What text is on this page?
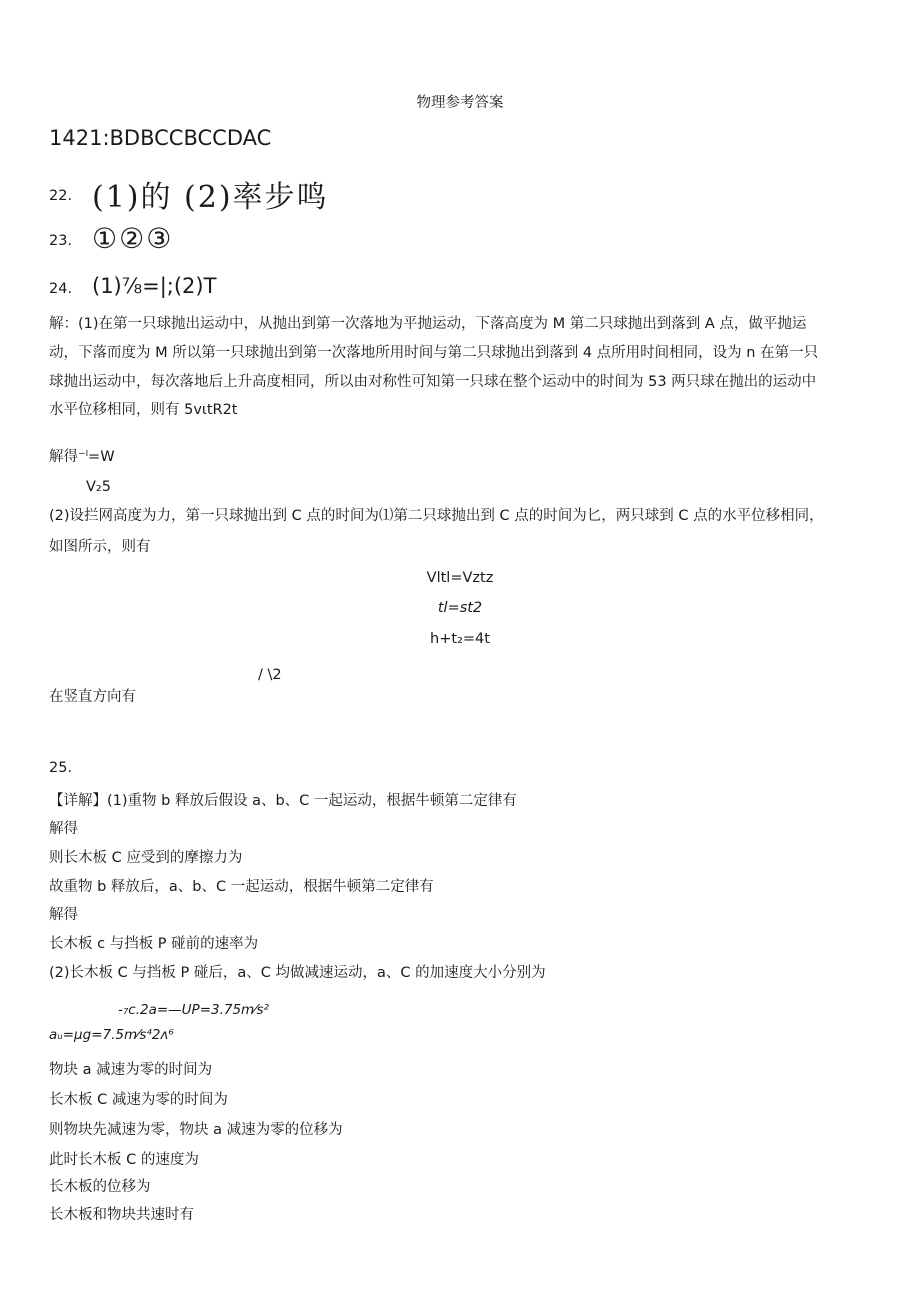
物理参考答案
1421:BDBCCBCCDAC
22. (1)的 (2)率步鸣
23. ①②③
24. (1)⅞=|;(2)T
解：(1)在第一只球抛出运动中，从抛出到第一次落地为平抛运动，下落高度为 M 第二只球抛出到落到 A 点，做平抛运
动，下落而度为 M 所以第一只球抛出到第一次落地所用时间与第二只球抛出到落到 4 点所用时间相同，设为 n 在第一只
球抛出运动中，每次落地后上升高度相同，所以由对称性可知第一只球在整个运动中的时间为 53 两只球在抛出的运动中
水平位移相同，则有 5vιtR2t
解得⁻ˡ=W
V₂5
(2)设拦网高度为力，第一只球抛出到 C 点的时间为⑴第二只球抛出到 C 点的时间为匕，两只球到 C 点的水平位移相同，
如图所示，则有
Vltl=Vztz
tl=st2
h+t₂=4t
/ \2
在竖直方向有
25.
【详解】(1)重物 b 释放后假设 a、b、C 一起运动，根据牛顿第二定律有
解得
则长木板 C 应受到的摩擦力为
故重物 b 释放后，a、b、C 一起运动，根据牛顿第二定律有
解得
长木板 c 与挡板 P 碰前的速率为
(2)长木板 C 与挡板 P 碰后，a、C 均做减速运动，a、C 的加速度大小分别为
-₇c.2a=—UP=3.75m⁄s²
aᵤ=μg=7.5m⁄s⁴2ʌ⁶
物块 a 减速为零的时间为
长木板 C 减速为零的时间为
则物块先减速为零，物块 a 减速为零的位移为
此时长木板 C 的速度为
长木板的位移为
长木板和物块共速时有
